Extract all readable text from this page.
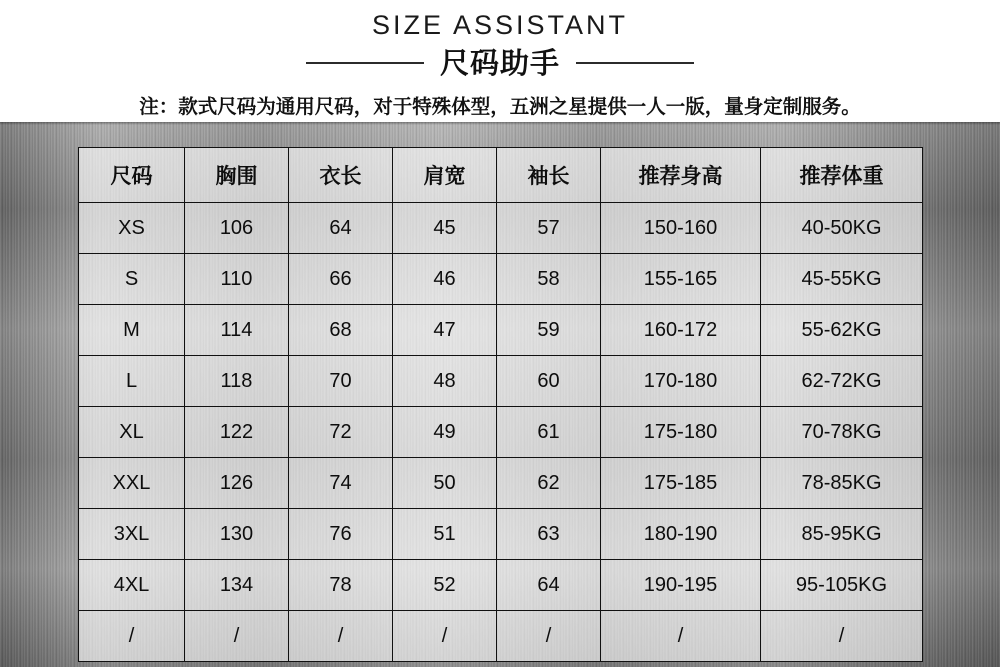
SIZE ASSISTANT
尺码助手
注：款式尺码为通用尺码，对于特殊体型，五洲之星提供一人一版，量身定制服务。
尺码	胸围	衣长	肩宽	袖长	推荐身高	推荐体重
XS	106	64	45	57	150-160	40-50KG
S	110	66	46	58	155-165	45-55KG
M	114	68	47	59	160-172	55-62KG
L	118	70	48	60	170-180	62-72KG
XL	122	72	49	61	175-180	70-78KG
XXL	126	74	50	62	175-185	78-85KG
3XL	130	76	51	63	180-190	85-95KG
4XL	134	78	52	64	190-195	95-105KG
/	/	/	/	/	/	/
